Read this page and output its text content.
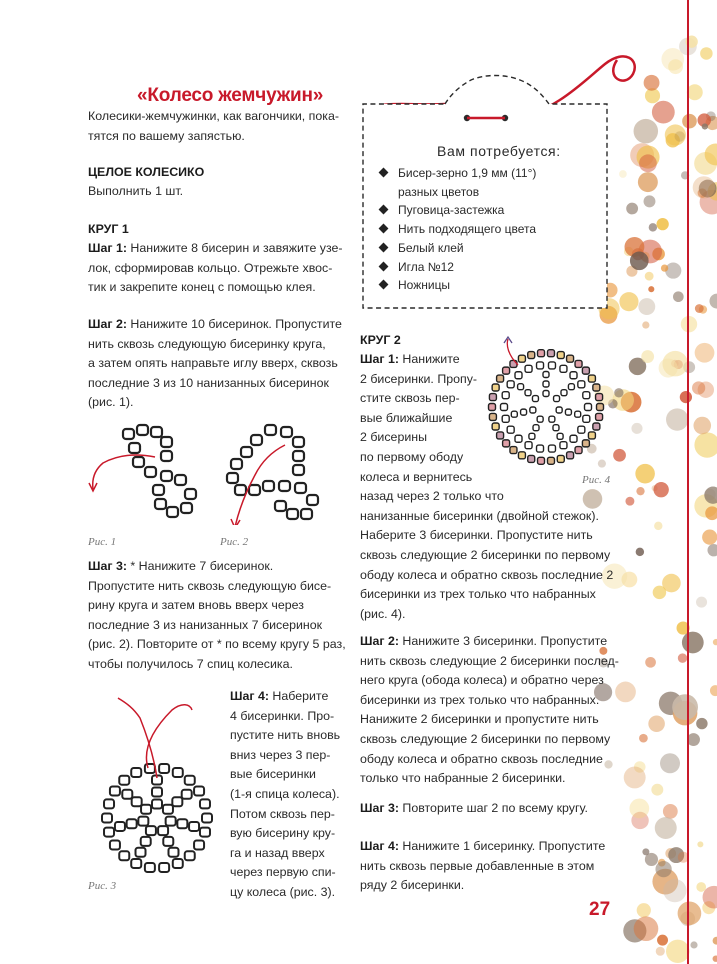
«Колесо жемчужин»
Колесики-жемчужинки, как вагончики, пока-
тятся по вашему запястью.
ЦЕЛОЕ КОЛЕСИКО
Выполнить 1 шт.
КРУГ 1
Шаг 1: Нанижите 8 бисерин и завяжите узе-
лок, сформировав кольцо. Отрежьте хвос-
тик и закрепите конец с помощью клея.
Шаг 2: Нанижите 10 бисеринок. Пропустите
нить сквозь следующую бисеринку круга,
а затем опять направьте иглу вверх, сквозь
последние 3 из 10 нанизанных бисеринок
(рис. 1).
Рис. 1	Рис. 2
Шаг 3: * Нанижите 7 бисеринок.
Пропустите нить сквозь следующую бисе-
рину круга и затем вновь вверх через
последние 3 из нанизанных 7 бисеринок
(рис. 2). Повторите от * по всему кругу 5 раз,
чтобы получилось 7 спиц колесика.
Рис. 3
Шаг 4: Наберите
4 бисеринки. Про-
пустите нить вновь
вниз через 3 пер-
вые бисеринки
(1-я спица колеса).
Потом сквозь пер-
вую бисерину кру-
га и назад вверх
через первую спи-
цу колеса (рис. 3).
Вам потребуется:
Бисер-зерно 1,9 мм (11°)
разных цветов
Пуговица-застежка
Нить подходящего цвета
Белый клей
Игла №12
Ножницы
КРУГ 2
Шаг 1: Нанижите
2 бисеринки. Пропу-
стите сквозь пер-
вые ближайшие
2 бисерины
по первому ободу
колеса и вернитесь
назад через 2 только что
нанизанные бисеринки (двойной стежок).
Наберите 3 бисеринки. Пропустите нить
сквозь следующие 2 бисеринки по первому
ободу колеса и обратно сквозь последние 2
бисеринки из трех только что набранных
(рис. 4).
Рис. 4
Шаг 2: Нанижите 3 бисеринки. Пропустите
нить сквозь следующие 2 бисеринки послед-
него круга (обода колеса) и обратно через
бисеринки из трех только что набранных.
Нанижите 2 бисеринки и пропустите нить
сквозь следующие 2 бисеринки по первому
ободу колеса и обратно сквозь последние
только что набранные 2 бисеринки.
Шаг 3: Повторите шаг 2 по всему кругу.
Шаг 4: Нанижите 1 бисеринку. Пропустите
нить сквозь первые добавленные в этом
ряду 2 бисеринки.
27
